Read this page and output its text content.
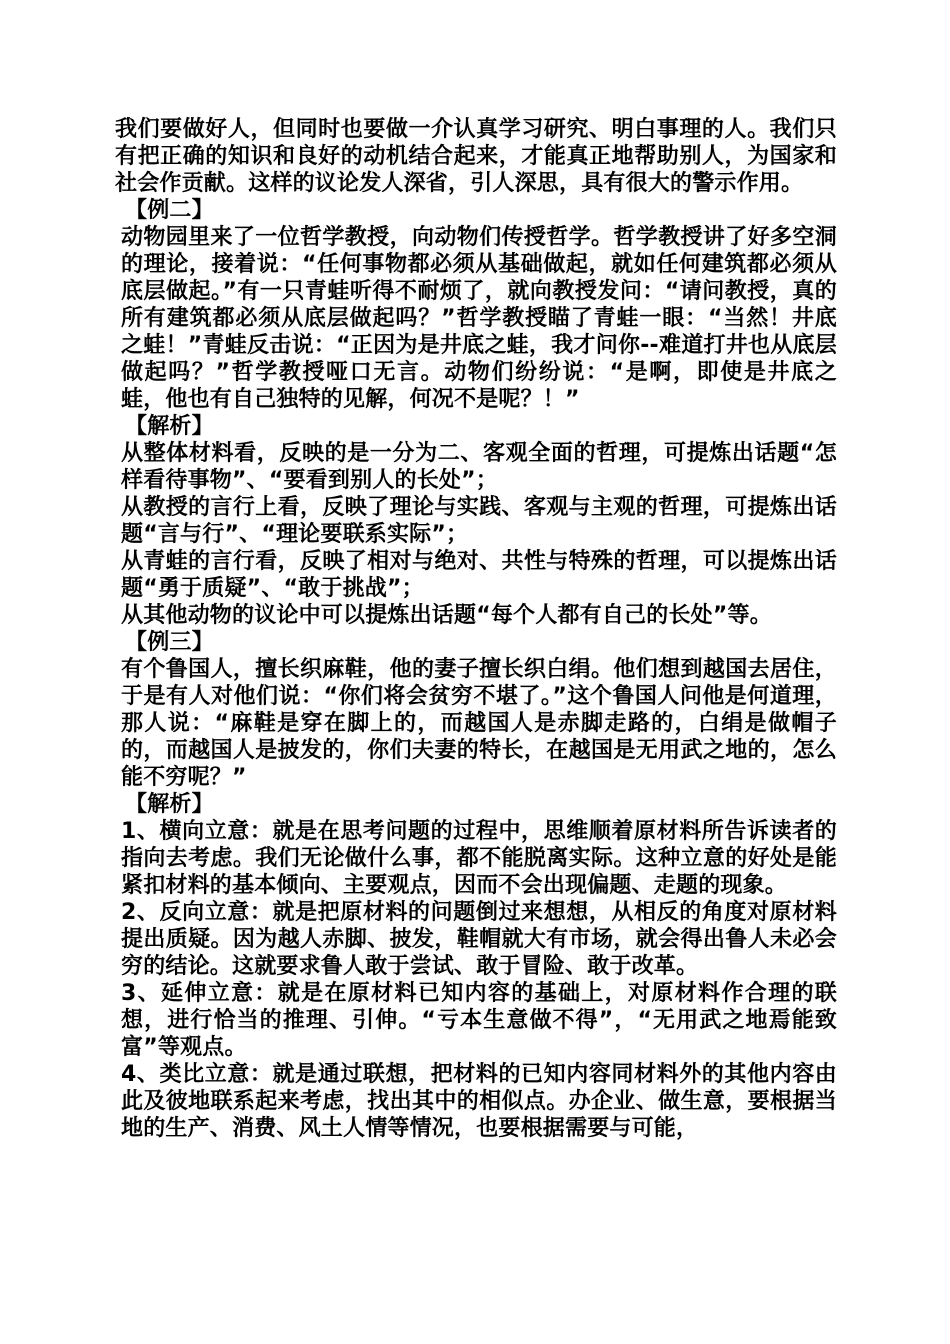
我们要做好人，但同时也要做一介认真学习研究、明白事理的人。我们只有把正确的知识和良好的动机结合起来，才能真正地帮助别人，为国家和社会作贡献。这样的议论发人深省，引人深思，具有很大的警示作用。

【例二】

动物园里来了一位哲学教授，向动物们传授哲学。哲学教授讲了好多空洞的理论，接着说：“任何事物都必须从基础做起，就如任何建筑都必须从底层做起。”有一只青蛙听得不耐烦了，就向教授发问：“请问教授，真的所有建筑都必须从底层做起吗？”哲学教授瞄了青蛙一眼：“当然！井底之蛙！”青蛙反击说：“正因为是井底之蛙，我才问你--难道打井也从底层做起吗？”哲学教授哑口无言。动物们纷纷说：“是啊，即使是井底之蛙，他也有自己独特的见解，何况不是呢？！”

【解析】

从整体材料看，反映的是一分为二、客观全面的哲理，可提炼出话题“怎样看待事物”、“要看到别人的长处”；

从教授的言行上看，反映了理论与实践、客观与主观的哲理，可提炼出话题“言与行”、“理论要联系实际”；

从青蛙的言行看，反映了相对与绝对、共性与特殊的哲理，可以提炼出话题“勇于质疑”、“敢于挑战”；

从其他动物的议论中可以提炼出话题“每个人都有自己的长处”等。

【例三】

有个鲁国人，擅长织麻鞋，他的妻子擅长织白绢。他们想到越国去居住，于是有人对他们说：“你们将会贫穷不堪了。”这个鲁国人问他是何道理，那人说：“麻鞋是穿在脚上的，而越国人是赤脚走路的，白绢是做帽子的，而越国人是披发的，你们夫妻的特长，在越国是无用武之地的，怎么能不穷呢？”

【解析】

1、横向立意：就是在思考问题的过程中，思维顺着原材料所告诉读者的指向去考虑。我们无论做什么事，都不能脱离实际。这种立意的好处是能紧扣材料的基本倾向、主要观点，因而不会出现偏题、走题的现象。

2、反向立意：就是把原材料的问题倒过来想想，从相反的角度对原材料提出质疑。因为越人赤脚、披发，鞋帽就大有市场，就会得出鲁人未必会穷的结论。这就要求鲁人敢于尝试、敢于冒险、敢于改革。

3、延伸立意：就是在原材料已知内容的基础上，对原材料作合理的联想，进行恰当的推理、引伸。“亏本生意做不得”，“无用武之地焉能致富”等观点。

4、类比立意：就是通过联想，把材料的已知内容同材料外的其他内容由此及彼地联系起来考虑，找出其中的相似点。办企业、做生意，要根据当地的生产、消费、风土人情等情况，也要根据需要与可能，
